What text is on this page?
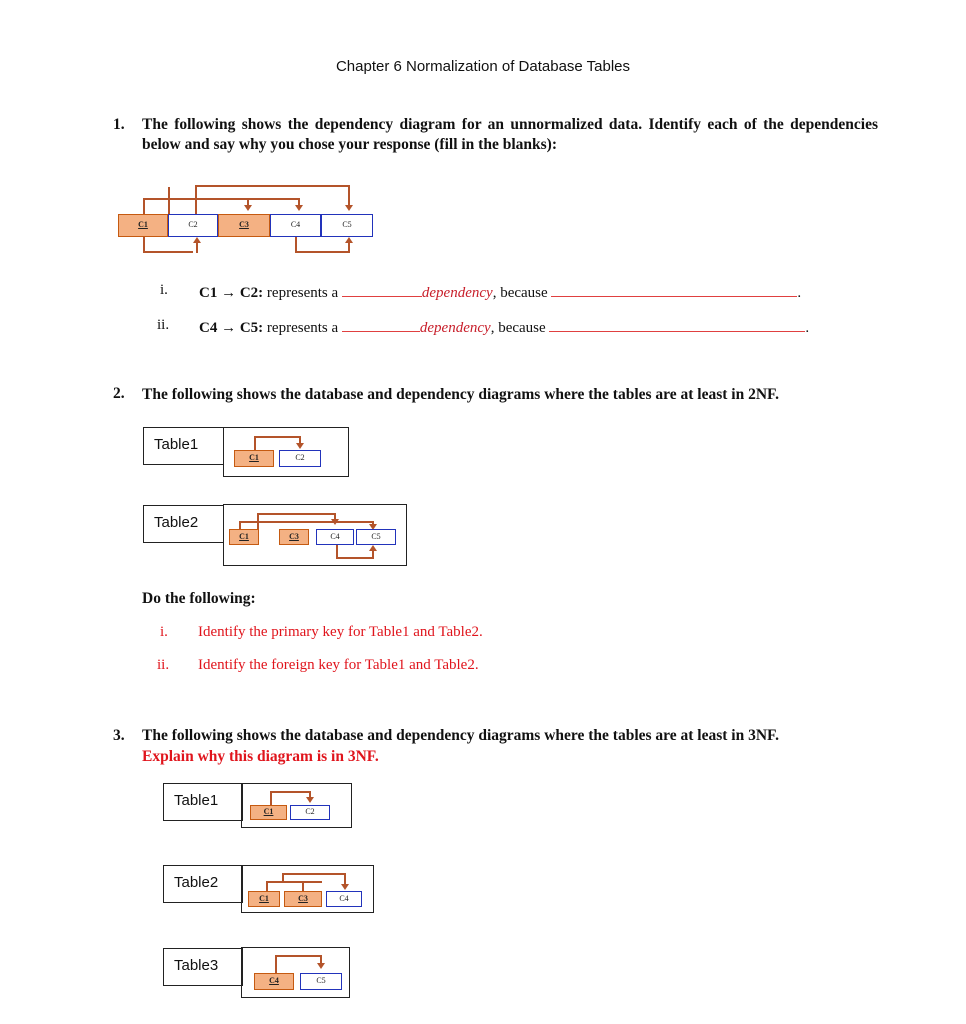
Chapter 6 Normalization of Database Tables
1. The following shows the dependency diagram for an unnormalized data. Identify each of the dependencies below and say why you chose your response (fill in the blanks):
C1	C2	C3	C4	C5
i. C1 → C2: represents a	dependency, because	.
ii. C4 → C5: represents a	dependency, because	.
2. The following shows the database and dependency diagrams where the tables are at least in 2NF.
Table1
C1	C2
Table2
C1	C3	C4	C5
Do the following:
i. Identify the primary key for Table1 and Table2.
ii. Identify the foreign key for Table1 and Table2.
3. The following shows the database and dependency diagrams where the tables are at least in 3NF.
Explain why this diagram is in 3NF.
Table1
C1	C2
Table2
C1	C3	C4
Table3
C4	C5
